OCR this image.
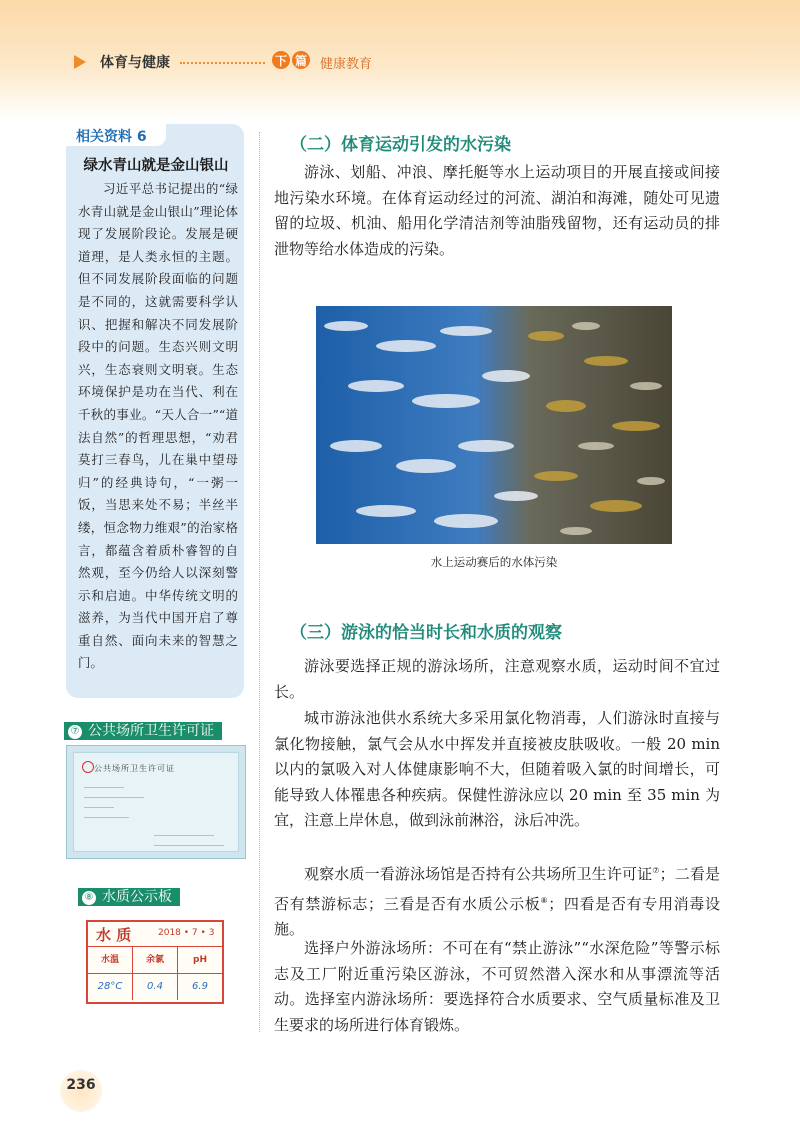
体育与健康	下 篇 健康教育
相关资料 6
绿水青山就是金山银山

习近平总书记提出的“绿水青山就是金山银山”理论体现了发展阶段论。发展是硬道理，是人类永恒的主题。但不同发展阶段面临的问题是不同的，这就需要科学认识、把握和解决不同发展阶段中的问题。生态兴则文明兴，生态衰则文明衰。生态环境保护是功在当代、利在千秋的事业。“天人合一”“道法自然”的哲理思想，“劝君莫打三春鸟，儿在巢中望母归”的经典诗句，“一粥一饭，当思来处不易；半丝半缕，恒念物力维艰”的治家格言，都蕴含着质朴睿智的自然观，至今仍给人以深刻警示和启迪。中华传统文明的滋养，为当代中国开启了尊重自然、面向未来的智慧之门。

⑦ 公共场所卫生许可证
公共场所卫生许可证
⑧ 水质公示板
水 质	2018 • 7 • 3
水温	余氯	pH
28°C	0.4	6.9
（二）体育运动引发的水污染

游泳、划船、冲浪、摩托艇等水上运动项目的开展直接或间接地污染水环境。在体育运动经过的河流、湖泊和海滩，随处可见遗留的垃圾、机油、船用化学清洁剂等油脂残留物，还有运动员的排泄物等给水体造成的污染。

水上运动赛后的水体污染
（三）游泳的恰当时长和水质的观察

游泳要选择正规的游泳场所，注意观察水质，运动时间不宜过长。

城市游泳池供水系统大多采用氯化物消毒，人们游泳时直接与氯化物接触，氯气会从水中挥发并直接被皮肤吸收。一般 20 min 以内的氯吸入对人体健康影响不大，但随着吸入氯的时间增长，可能导致人体罹患各种疾病。保健性游泳应以 20 min 至 35 min 为宜，注意上岸休息，做到泳前淋浴，泳后冲洗。

观察水质一看游泳场馆是否持有公共场所卫生许可证⑦；二看是否有禁游标志；三看是否有水质公示板⑧；四看是否有专用消毒设施。

选择户外游泳场所：不可在有“禁止游泳”“水深危险”等警示标志及工厂附近重污染区游泳，不可贸然潜入深水和从事漂流等活动。选择室内游泳场所：要选择符合水质要求、空气质量标准及卫生要求的场所进行体育锻炼。

236
